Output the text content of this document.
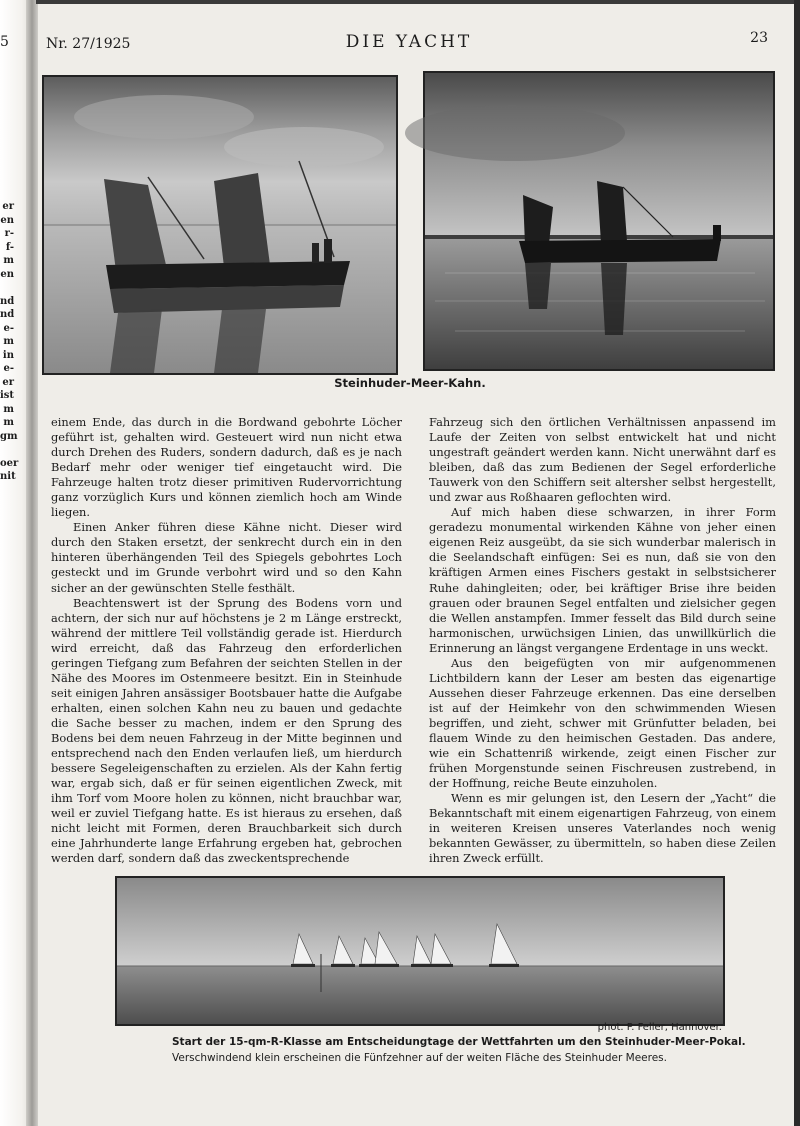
5
er
en
r-
f-
m
en
nd
nd
e-
m
in
e-
er
ist
m
m
gm
oer
nit
Nr. 27/1925	DIE YACHT	23
Steinhuder-Meer-Kahn.

einem Ende, das durch in die Bordwand gebohrte Löcher geführt ist, gehalten wird. Gesteuert wird nun nicht etwa durch Drehen des Ruders, sondern dadurch, daß es je nach Bedarf mehr oder weniger tief eingetaucht wird. Die Fahrzeuge halten trotz dieser primitiven Rudervorrichtung ganz vorzüglich Kurs und können ziemlich hoch am Winde liegen.

Einen Anker führen diese Kähne nicht. Dieser wird durch den Staken ersetzt, der senkrecht durch ein in den hinteren überhängenden Teil des Spiegels gebohrtes Loch gesteckt und im Grunde verbohrt wird und so den Kahn sicher an der gewünschten Stelle festhält.

Beachtenswert ist der Sprung des Bodens vorn und achtern, der sich nur auf höchstens je 2 m Länge erstreckt, während der mittlere Teil vollständig gerade ist. Hierdurch wird erreicht, daß das Fahrzeug den erforderlichen geringen Tiefgang zum Befahren der seichten Stellen in der Nähe des Moores im Ostenmeere besitzt. Ein in Steinhude seit einigen Jahren ansässiger Bootsbauer hatte die Aufgabe erhalten, einen solchen Kahn neu zu bauen und gedachte die Sache besser zu machen, indem er den Sprung des Bodens bei dem neuen Fahrzeug in der Mitte beginnen und entsprechend nach den Enden verlaufen ließ, um hierdurch bessere Segeleigenschaften zu erzielen. Als der Kahn fertig war, ergab sich, daß er für seinen eigentlichen Zweck, mit ihm Torf vom Moore holen zu können, nicht brauchbar war, weil er zuviel Tiefgang hatte. Es ist hieraus zu ersehen, daß nicht leicht mit Formen, deren Brauchbarkeit sich durch eine Jahrhunderte lange Erfahrung ergeben hat, gebrochen werden darf, sondern daß das zweckentsprechende

Fahrzeug sich den örtlichen Verhältnissen anpassend im Laufe der Zeiten von selbst entwickelt hat und nicht ungestraft geändert werden kann. Nicht unerwähnt darf es bleiben, daß das zum Bedienen der Segel erforderliche Tauwerk von den Schiffern seit altersher selbst hergestellt, und zwar aus Roßhaaren geflochten wird.

Auf mich haben diese schwarzen, in ihrer Form geradezu monumental wirkenden Kähne von jeher einen eigenen Reiz ausgeübt, da sie sich wunderbar malerisch in die Seelandschaft einfügen: Sei es nun, daß sie von den kräftigen Armen eines Fischers gestakt in selbstsicherer Ruhe dahingleiten; oder, bei kräftiger Brise ihre beiden grauen oder braunen Segel entfalten und zielsicher gegen die Wellen anstampfen. Immer fesselt das Bild durch seine harmonischen, urwüchsigen Linien, das unwillkürlich die Erinnerung an längst vergangene Erdentage in uns weckt.

Aus den beigefügten von mir aufgenommenen Lichtbildern kann der Leser am besten das eigenartige Aussehen dieser Fahrzeuge erkennen. Das eine derselben ist auf der Heimkehr von den schwimmenden Wiesen begriffen, und zieht, schwer mit Grünfutter beladen, bei flauem Winde zu den heimischen Gestaden. Das andere, wie ein Schattenriß wirkende, zeigt einen Fischer zur frühen Morgenstunde seinen Fischreusen zustrebend, in der Hoffnung, reiche Beute einzuholen.

Wenn es mir gelungen ist, den Lesern der „Yacht“ die Bekanntschaft mit einem eigenartigen Fahrzeug, von einem in weiteren Kreisen unseres Vaterlandes noch wenig bekannten Gewässer, zu übermitteln, so haben diese Zeilen ihren Zweck erfüllt.

phot. P. Feller, Hannover.
Start der 15-qm-R-Klasse am Entscheidungtage der Wettfahrten um den Steinhuder-Meer-Pokal.
Verschwindend klein erscheinen die Fünfzehner auf der weiten Fläche des Steinhuder Meeres.
